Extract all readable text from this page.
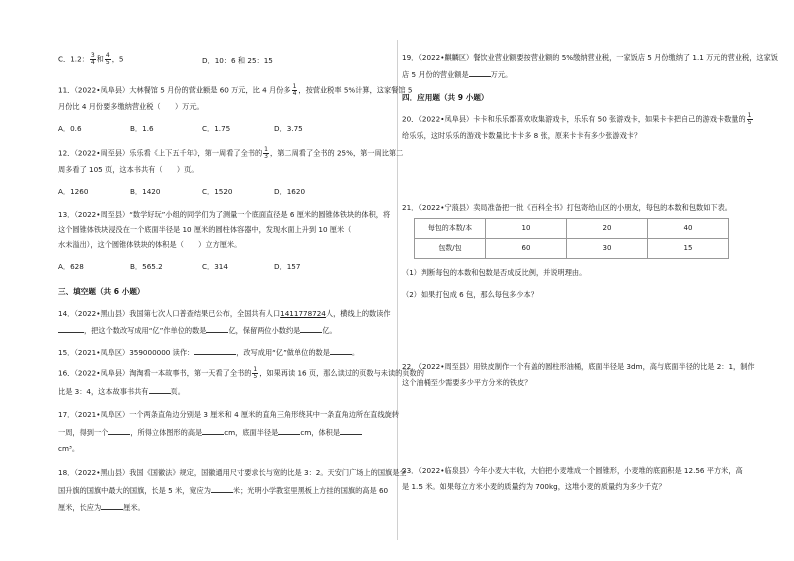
C．1.2： $\frac{3}{4}$ 和 $\frac{4}{5}$ ，5	D．10：6 和 25：15
11．（2022•凤阜县）大林餐馆 5 月份的营业额是 60 万元，比 4 月份多 $\frac{1}{4}$ ，按营业税率 5%计算，这家餐馆 5
月份比 4 月份要多缴纳营业税（　　）万元。
A．0.6	B．1.6	C．1.75	D．3.75
12．（2022•周至县）乐乐看《上下五千年》，第一周看了全书的 $\frac{1}{3}$ ，第二周看了全书的 25%，第一周比第二
周多看了 105 页，这本书共有（　　）页。
A．1260	B．1420	C．1520	D．1620
13．（2022•周至县）“数学好玩”小组的同学们为了测量一个底面直径是 6 厘米的圆锥体铁块的体积，将
这个圆锥体铁块浸没在一个底面半径是 10 厘米的圆柱体容器中，发现水面上升到 10 厘米（
水未溢出），这个圆锥体铁块的体积是（　　）立方厘米。
A．628	B．565.2	C．314	D．157
三、填空题（共 6 小题）
14．（2022•黑山县）我国第七次人口普查结果已公布，全国共有人口1411778724人，横线上的数读作
，把这个数改写成用“亿”作单位的数是	亿，保留两位小数约是	亿。
15．（2021•凤阜区）359000000 读作：	，改写成用“亿”做单位的数是	。
16．（2022•凤阜县）淘淘看一本故事书，第一天看了全书的 $\frac{1}{5}$ ，如果再读 16 页，那么读过的页数与未读的页数的
比是 3：4，这本故事书共有	页。
17．（2021•凤阜区）一个两条直角边分别是 3 厘米和 4 厘米的直角三角形绕其中一条直角边所在直线旋转
一周，得到一个	，所得立体图形的高是	cm，底面半径是	cm，体积是
cm³。
18．（2022•黑山县）我国《国徽法》规定，国徽通用尺寸要求长与宽的比是 3：2。天安门广场上的国旗是全
国升旗的国旗中最大的国旗，长是 5 米，宽应为	米；光明小学教室里黑板上方挂的国旗的高是 60
厘米，长应为	厘米。
19．（2022•麒麟区）餐饮业营业额要按营业额的 5%缴纳营业税，一家饭店 5 月份缴纳了 1.1 万元的营业税，这家饭
店 5 月份的营业额是	万元。
四．应用题（共 9 小题）
20．（2022•凤阜县）卡卡和乐乐都喜欢收集游戏卡，乐乐有 50 张游戏卡，如果卡卡把自己的游戏卡数量的 $\frac{1}{5}$
给乐乐，这时乐乐的游戏卡数量比卡卡多 8 张，原来卡卡有多少张游戏卡？
21．（2022•宁蒗县）卖局准备把一批《百科全书》打包寄给山区的小朋友，每包的本数和包数如下表。
每包的本数/本	10	20	40
包数/包	60	30	15
（1）判断每包的本数和包数是否成反比例，并说明理由。
（2）如果打包成 6 包，那么每包多少本？
22．（2022•周至县）用铁皮制作一个有盖的圆柱形油桶，底面半径是 3dm，高与底面半径的比是 2：1，制作
这个油桶至少需要多少平方分米的铁皮？
23．（2022•临泉县）今年小麦大丰收，大伯把小麦堆成一个圆锥形，小麦堆的底面积是 12.56 平方米，高
是 1.5 米。如果每立方米小麦的质量约为 700kg，这堆小麦的质量约为多少千克？
